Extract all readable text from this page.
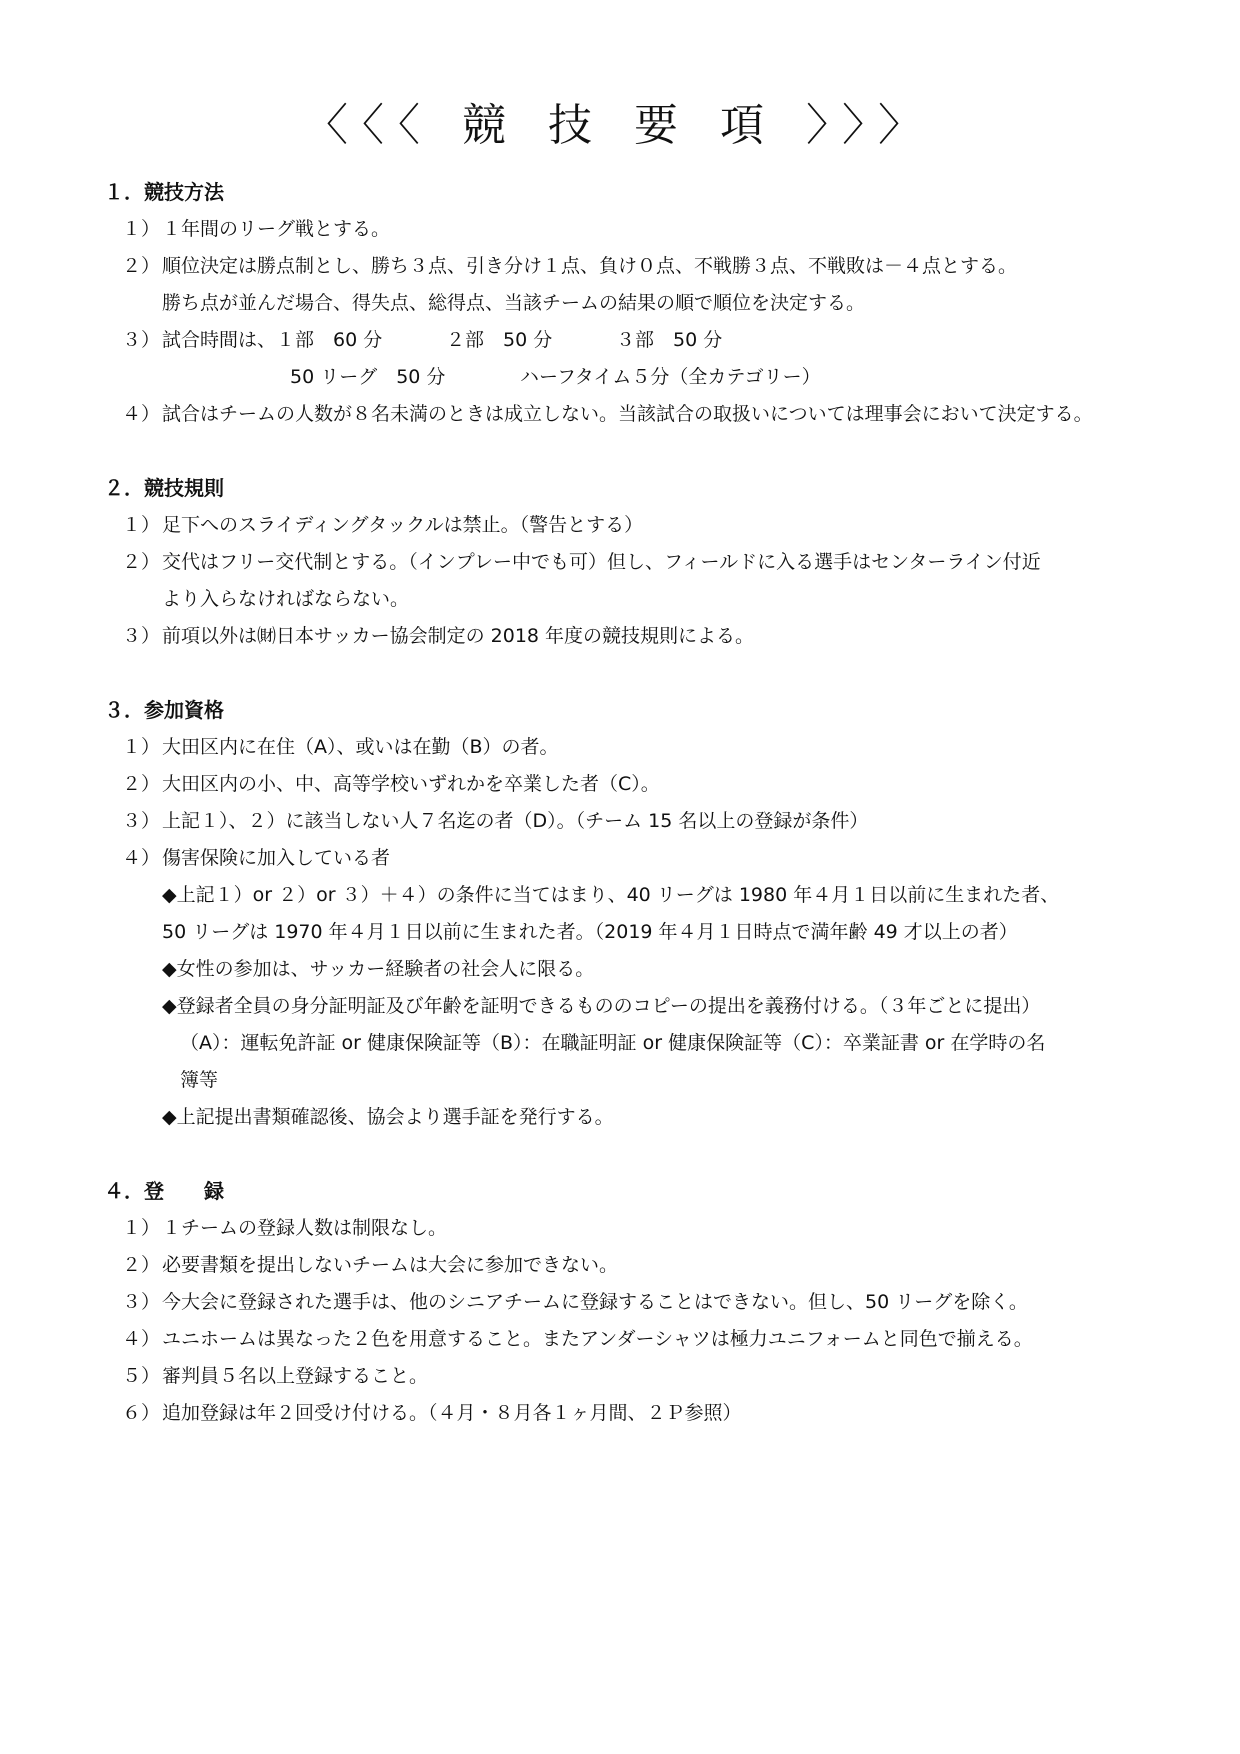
〈〈〈 競 技 要 項 〉〉〉
１．競技方法
１） １年間のリーグ戦とする。
２） 順位決定は勝点制とし、勝ち３点、引き分け１点、負け０点、不戦勝３点、不戦敗は－４点とする。
勝ち点が並んだ場合、得失点、総得点、当該チームの結果の順で順位を決定する。
３） 試合時間は、１部　60 分	２部　50 分	３部　50 分
50 リーグ　50 分	ハーフタイム５分（全カテゴリー）
４） 試合はチームの人数が８名未満のときは成立しない。当該試合の取扱いについては理事会において決定する。
２．競技規則
１） 足下へのスライディングタックルは禁止。（警告とする）
２） 交代はフリー交代制とする。（インプレー中でも可）但し、フィールドに入る選手はセンターライン付近
より入らなければならない。
３） 前項以外は㈶日本サッカー協会制定の 2018 年度の競技規則による。
３．参加資格
１） 大田区内に在住（A）、或いは在勤（B）の者。
２） 大田区内の小、中、高等学校いずれかを卒業した者（C）。
３） 上記１）、２）に該当しない人７名迄の者（D）。（チーム 15 名以上の登録が条件）
４） 傷害保険に加入している者
◆上記１）or ２）or ３）＋４）の条件に当てはまり、40 リーグは 1980 年４月１日以前に生まれた者、
50 リーグは 1970 年４月１日以前に生まれた者。（2019 年４月１日時点で満年齢 49 才以上の者）
◆女性の参加は、サッカー経験者の社会人に限る。
◆登録者全員の身分証明証及び年齢を証明できるもののコピーの提出を義務付ける。（３年ごとに提出）
（A）：運転免許証 or 健康保険証等（B）：在職証明証 or 健康保険証等（C）：卒業証書 or 在学時の名
簿等
◆上記提出書類確認後、協会より選手証を発行する。
４．登　　録
１） １チームの登録人数は制限なし。
２） 必要書類を提出しないチームは大会に参加できない。
３） 今大会に登録された選手は、他のシニアチームに登録することはできない。但し、50 リーグを除く。
４） ユニホームは異なった２色を用意すること。またアンダーシャツは極力ユニフォームと同色で揃える。
５） 審判員５名以上登録すること。
６） 追加登録は年２回受け付ける。（４月・８月各１ヶ月間、２Ｐ参照）
